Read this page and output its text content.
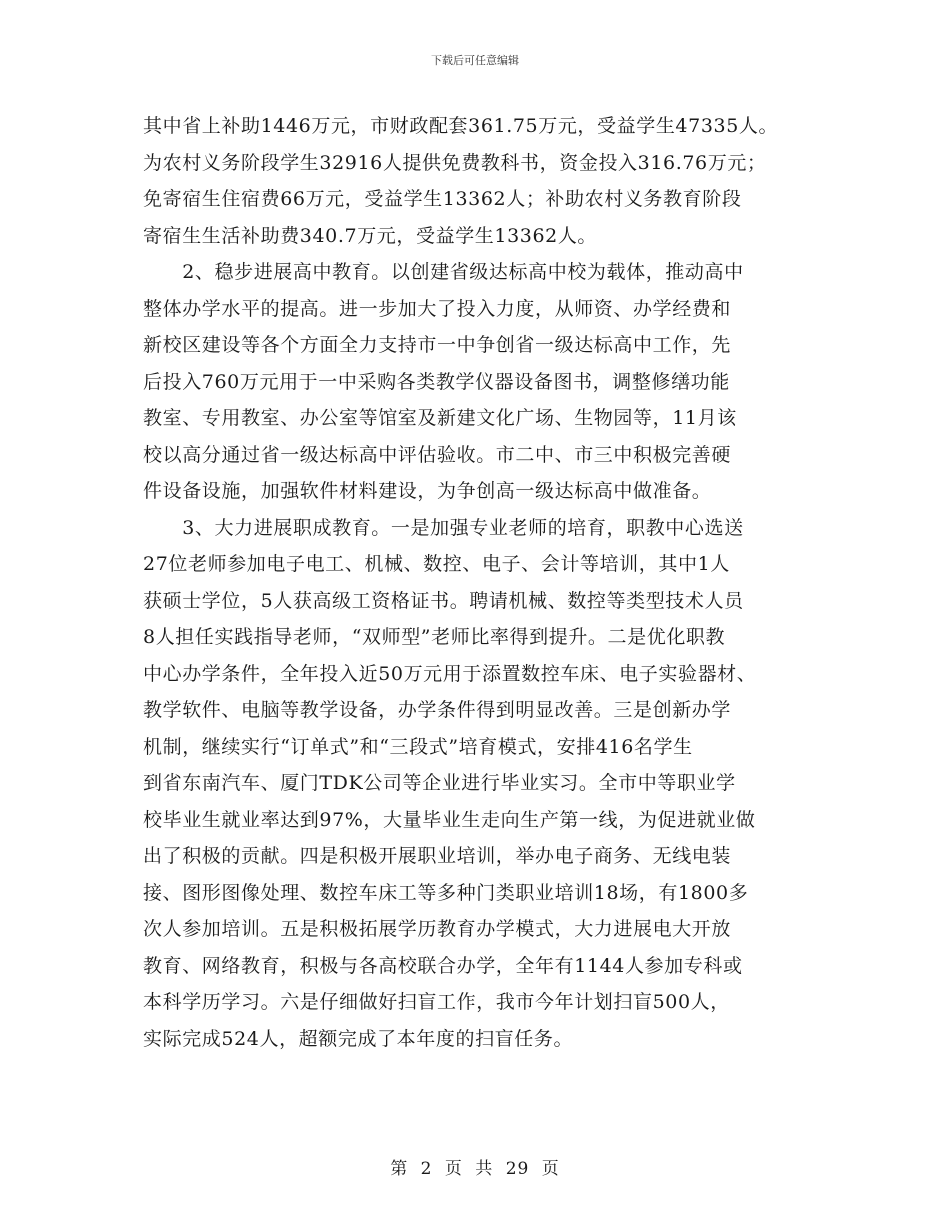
下载后可任意编辑
其中省上补助1446万元，市财政配套361.75万元，受益学生47335人。
为农村义务阶段学生32916人提供免费教科书，资金投入316.76万元；
免寄宿生住宿费66万元，受益学生13362人；补助农村义务教育阶段
寄宿生生活补助费340.7万元，受益学生13362人。
　　2、稳步进展高中教育。以创建省级达标高中校为载体，推动高中
整体办学水平的提高。进一步加大了投入力度，从师资、办学经费和
新校区建设等各个方面全力支持市一中争创省一级达标高中工作，先
后投入760万元用于一中采购各类教学仪器设备图书，调整修缮功能
教室、专用教室、办公室等馆室及新建文化广场、生物园等，11月该
校以高分通过省一级达标高中评估验收。市二中、市三中积极完善硬
件设备设施，加强软件材料建设，为争创高一级达标高中做准备。
　　3、大力进展职成教育。一是加强专业老师的培育，职教中心选送
27位老师参加电子电工、机械、数控、电子、会计等培训，其中1人
获硕士学位，5人获高级工资格证书。聘请机械、数控等类型技术人员
8人担任实践指导老师，“双师型”老师比率得到提升。二是优化职教
中心办学条件，全年投入近50万元用于添置数控车床、电子实验器材、
教学软件、电脑等教学设备，办学条件得到明显改善。三是创新办学
机制，继续实行“订单式”和“三段式”培育模式，安排416名学生
到省东南汽车、厦门TDK公司等企业进行毕业实习。全市中等职业学
校毕业生就业率达到97%，大量毕业生走向生产第一线，为促进就业做
出了积极的贡献。四是积极开展职业培训，举办电子商务、无线电装
接、图形图像处理、数控车床工等多种门类职业培训18场，有1800多
次人参加培训。五是积极拓展学历教育办学模式，大力进展电大开放
教育、网络教育，积极与各高校联合办学，全年有1144人参加专科或
本科学历学习。六是仔细做好扫盲工作，我市今年计划扫盲500人，
实际完成524人，超额完成了本年度的扫盲任务。
第 2 页 共 29 页
